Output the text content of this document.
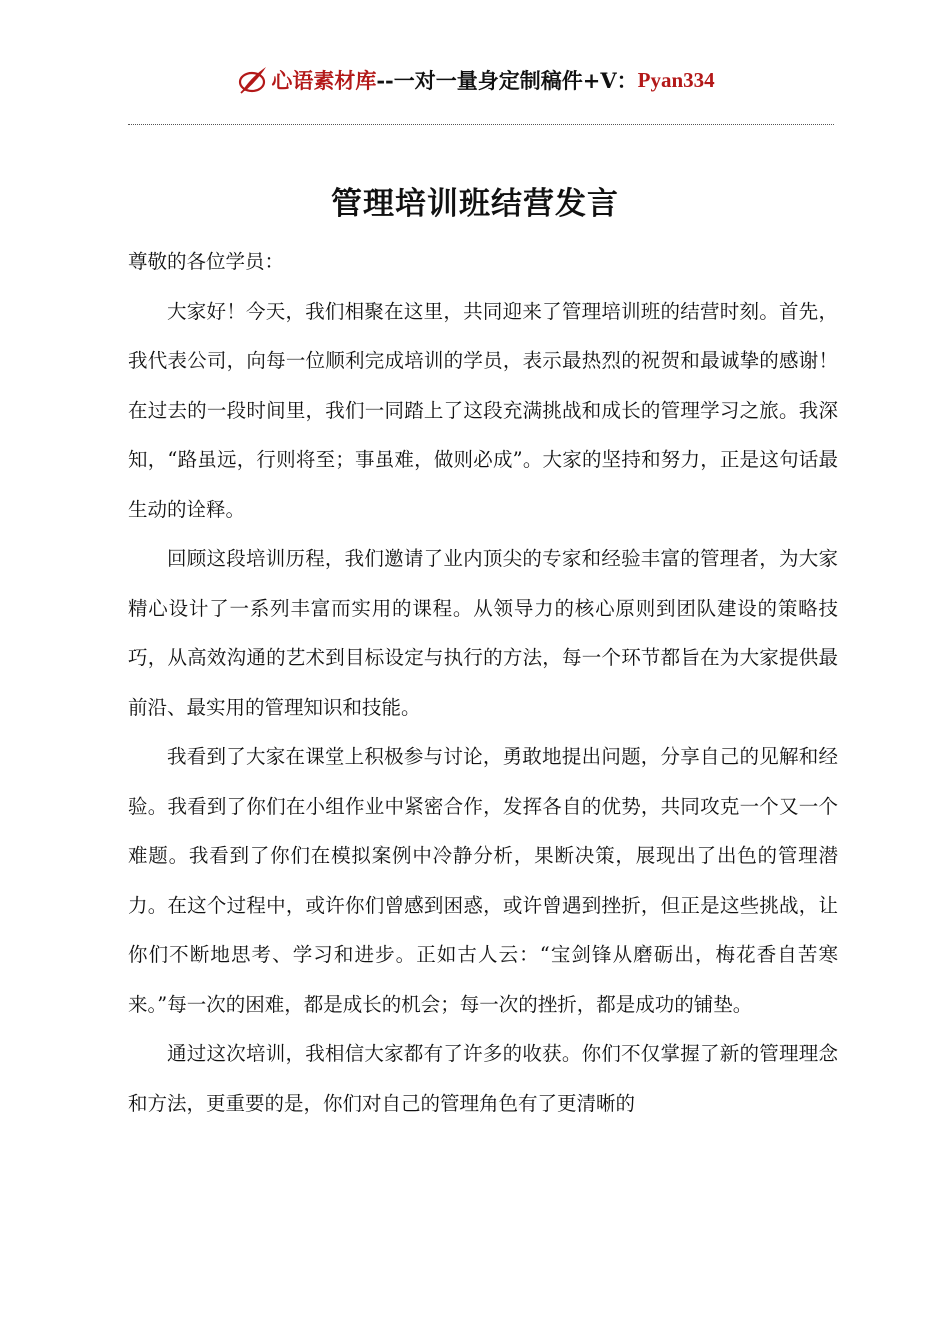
心语素材库 --一对一量身定制稿件+V： Pyan334
管理培训班结营发言

尊敬的各位学员：

大家好！今天，我们相聚在这里，共同迎来了管理培训班的结营时刻。首先，我代表公司，向每一位顺利完成培训的学员，表示最热烈的祝贺和最诚挚的感谢！在过去的一段时间里，我们一同踏上了这段充满挑战和成长的管理学习之旅。我深知，“路虽远，行则将至；事虽难，做则必成”。大家的坚持和努力，正是这句话最生动的诠释。

回顾这段培训历程，我们邀请了业内顶尖的专家和经验丰富的管理者，为大家精心设计了一系列丰富而实用的课程。从领导力的核心原则到团队建设的策略技巧，从高效沟通的艺术到目标设定与执行的方法，每一个环节都旨在为大家提供最前沿、最实用的管理知识和技能。

我看到了大家在课堂上积极参与讨论，勇敢地提出问题，分享自己的见解和经验。我看到了你们在小组作业中紧密合作，发挥各自的优势，共同攻克一个又一个难题。我看到了你们在模拟案例中冷静分析，果断决策，展现出了出色的管理潜力。在这个过程中，或许你们曾感到困惑，或许曾遇到挫折，但正是这些挑战，让你们不断地思考、学习和进步。正如古人云：“宝剑锋从磨砺出，梅花香自苦寒来。”每一次的困难，都是成长的机会；每一次的挫折，都是成功的铺垫。

通过这次培训，我相信大家都有了许多的收获。你们不仅掌握了新的管理理念和方法，更重要的是，你们对自己的管理角色有了更清晰的
